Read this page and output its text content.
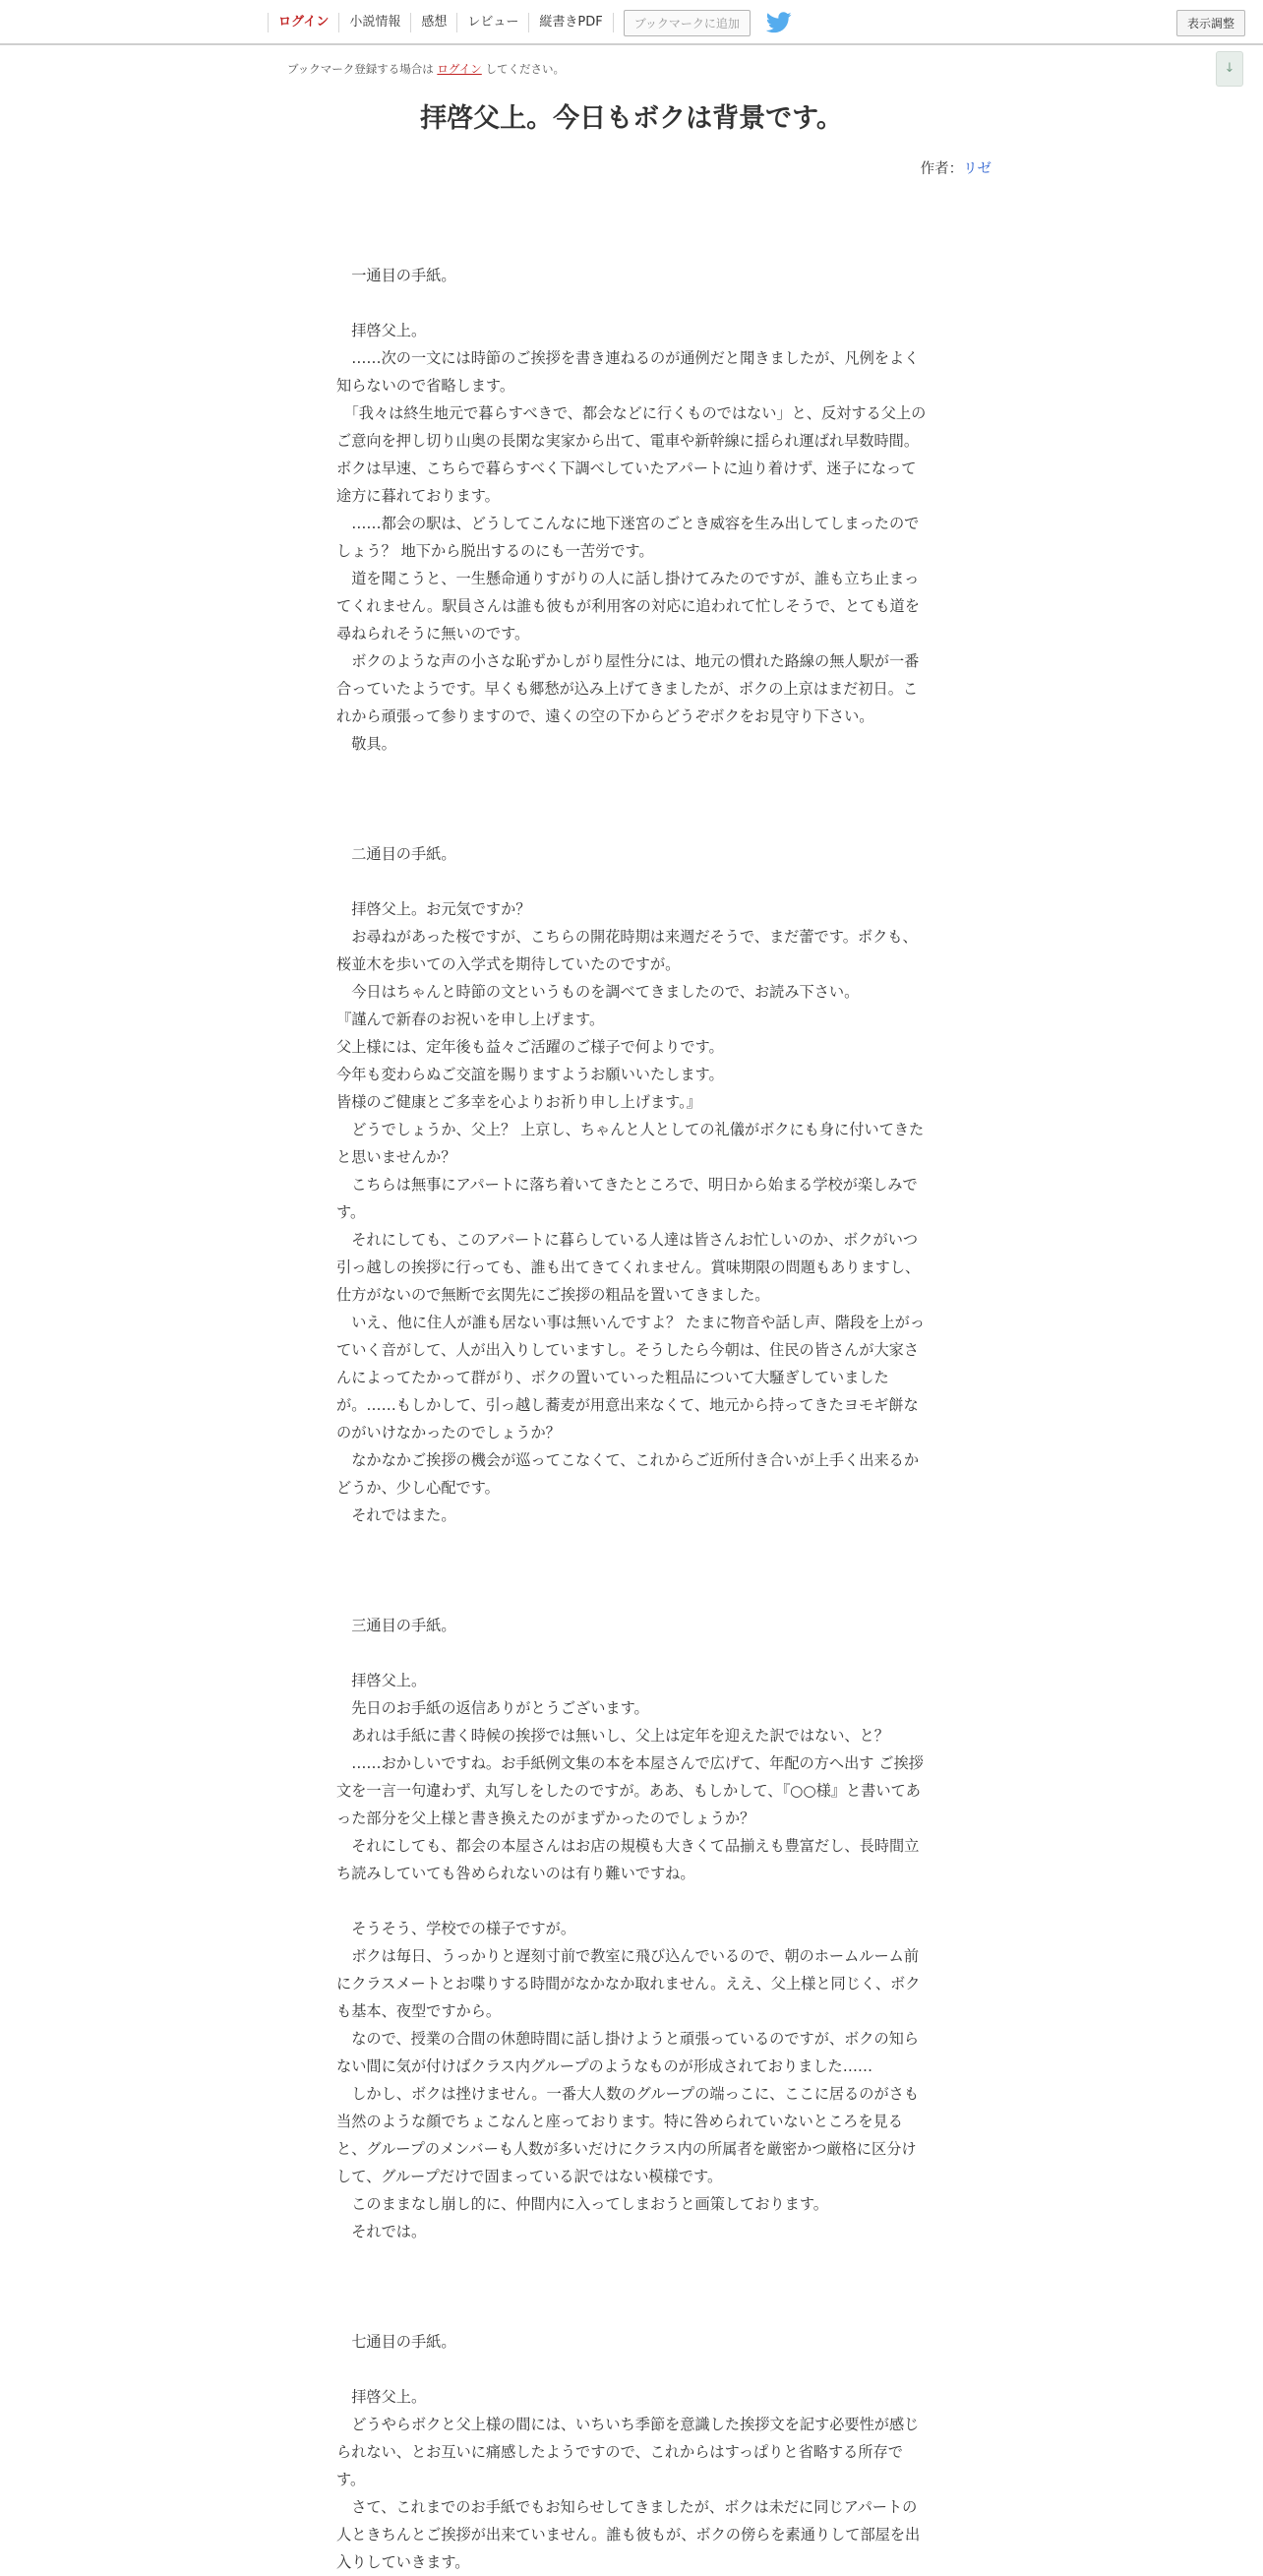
ログイン	小説情報	感想	レビュー	縦書きPDF	ブックマークに追加	表示調整
ブックマーク登録する場合は ログイン してください。	↓
拝啓父上。今日もボクは背景です。
作者：リゼ

　一通目の手紙。

　拝啓父上。

　……次の一文には時節のご挨拶を書き連ねるのが通例だと聞きましたが、凡例をよく知らないので省略します。

　「我々は終生地元で暮らすべきで、都会などに行くものではない」と、反対する父上のご意向を押し切り山奥の長閑な実家から出て、電車や新幹線に揺られ運ばれ早数時間。ボクは早速、こちらで暮らすべく下調べしていたアパートに辿り着けず、迷子になって途方に暮れております。

　……都会の駅は、どうしてこんなに地下迷宮のごとき威容を生み出してしまったのでしょう？ 地下から脱出するのにも一苦労です。

　道を聞こうと、一生懸命通りすがりの人に話し掛けてみたのですが、誰も立ち止まってくれません。駅員さんは誰も彼もが利用客の対応に追われて忙しそうで、とても道を尋ねられそうに無いのです。

　ボクのような声の小さな恥ずかしがり屋性分には、地元の慣れた路線の無人駅が一番合っていたようです。早くも郷愁が込み上げてきましたが、ボクの上京はまだ初日。これから頑張って参りますので、遠くの空の下からどうぞボクをお見守り下さい。

　敬具。

　二通目の手紙。

　拝啓父上。お元気ですか？

　お尋ねがあった桜ですが、こちらの開花時期は来週だそうで、まだ蕾です。ボクも、桜並木を歩いての入学式を期待していたのですが。

　今日はちゃんと時節の文というものを調べてきましたので、お読み下さい。

『謹んで新春のお祝いを申し上げます。

父上様には、定年後も益々ご活躍のご様子で何よりです。

今年も変わらぬご交誼を賜りますようお願いいたします。

皆様のご健康とご多幸を心よりお祈り申し上げます。』

　どうでしょうか、父上？ 上京し、ちゃんと人としての礼儀がボクにも身に付いてきたと思いませんか？

　こちらは無事にアパートに落ち着いてきたところで、明日から始まる学校が楽しみです。

　それにしても、このアパートに暮らしている人達は皆さんお忙しいのか、ボクがいつ引っ越しの挨拶に行っても、誰も出てきてくれません。賞味期限の問題もありますし、仕方がないので無断で玄関先にご挨拶の粗品を置いてきました。

　いえ、他に住人が誰も居ない事は無いんですよ？ たまに物音や話し声、階段を上がっていく音がして、人が出入りしていますし。そうしたら今朝は、住民の皆さんが大家さんによってたかって群がり、ボクの置いていった粗品について大騒ぎしていましたが。……もしかして、引っ越し蕎麦が用意出来なくて、地元から持ってきたヨモギ餅なのがいけなかったのでしょうか？

　なかなかご挨拶の機会が巡ってこなくて、これからご近所付き合いが上手く出来るかどうか、少し心配です。

　それではまた。

　三通目の手紙。

　拝啓父上。

　先日のお手紙の返信ありがとうございます。

　あれは手紙に書く時候の挨拶では無いし、父上は定年を迎えた訳ではない、と？

　……おかしいですね。お手紙例文集の本を本屋さんで広げて、年配の方へ出す ご挨拶文を一言一句違わず、丸写しをしたのですが。ああ、もしかして、『○○様』と書いてあった部分を父上様と書き換えたのがまずかったのでしょうか？

　それにしても、都会の本屋さんはお店の規模も大きくて品揃えも豊富だし、長時間立ち読みしていても咎められないのは有り難いですね。

　そうそう、学校での様子ですが。

　ボクは毎日、うっかりと遅刻寸前で教室に飛び込んでいるので、朝のホームルーム前にクラスメートとお喋りする時間がなかなか取れません。ええ、父上様と同じく、ボクも基本、夜型ですから。

　なので、授業の合間の休憩時間に話し掛けようと頑張っているのですが、ボクの知らない間に気が付けばクラス内グループのようなものが形成されておりました……

　しかし、ボクは挫けません。一番大人数のグループの端っこに、ここに居るのがさも当然のような顔でちょこなんと座っております。特に咎められていないところを見ると、グループのメンバーも人数が多いだけにクラス内の所属者を厳密かつ厳格に区分けして、グループだけで固まっている訳ではない模様です。

　このままなし崩し的に、仲間内に入ってしまおうと画策しております。

　それでは。

　七通目の手紙。

　拝啓父上。

　どうやらボクと父上様の間には、いちいち季節を意識した挨拶文を記す必要性が感じられない、とお互いに痛感したようですので、これからはすっぱりと省略する所存です。

　さて、これまでのお手紙でもお知らせしてきましたが、ボクは未だに同じアパートの人ときちんとご挨拶が出来ていません。誰も彼もが、ボクの傍らを素通りして部屋を出入りしていきます。
